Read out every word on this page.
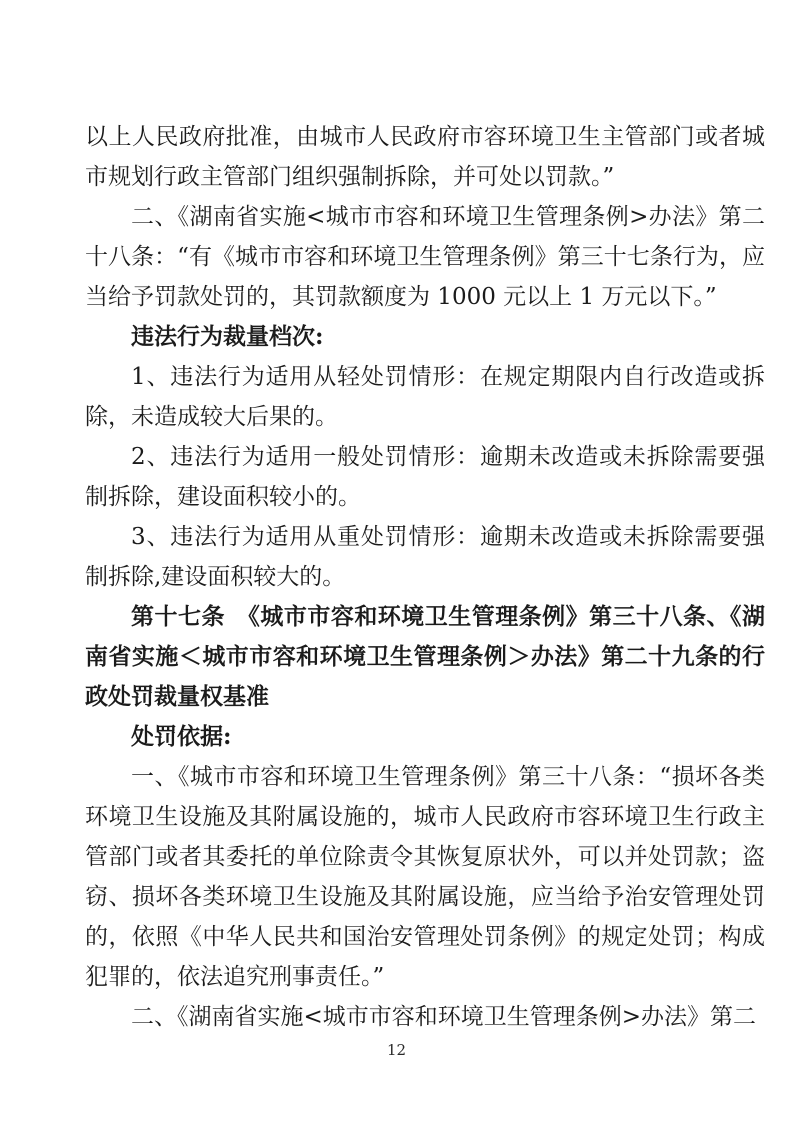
以上人民政府批准，由城市人民政府市容环境卫生主管部门或者城市规划行政主管部门组织强制拆除，并可处以罚款。”

二、《湖南省实施<城市市容和环境卫生管理条例>办法》第二十八条：“有《城市市容和环境卫生管理条例》第三十七条行为，应当给予罚款处罚的，其罚款额度为 1000 元以上 1 万元以下。”

违法行为裁量档次:

1、违法行为适用从轻处罚情形：在规定期限内自行改造或拆除，未造成较大后果的。

2、违法行为适用一般处罚情形：逾期未改造或未拆除需要强制拆除，建设面积较小的。

3、违法行为适用从重处罚情形：逾期未改造或未拆除需要强制拆除,建设面积较大的。

第十七条　《城市市容和环境卫生管理条例》第三十八条、《湖南省实施＜城市市容和环境卫生管理条例＞办法》第二十九条的行政处罚裁量权基准

处罚依据:

一、《城市市容和环境卫生管理条例》第三十八条：“损坏各类环境卫生设施及其附属设施的，城市人民政府市容环境卫生行政主管部门或者其委托的单位除责令其恢复原状外，可以并处罚款；盗窃、损坏各类环境卫生设施及其附属设施，应当给予治安管理处罚的，依照《中华人民共和国治安管理处罚条例》的规定处罚；构成犯罪的，依法追究刑事责任。”

二、《湖南省实施<城市市容和环境卫生管理条例>办法》第二

12
